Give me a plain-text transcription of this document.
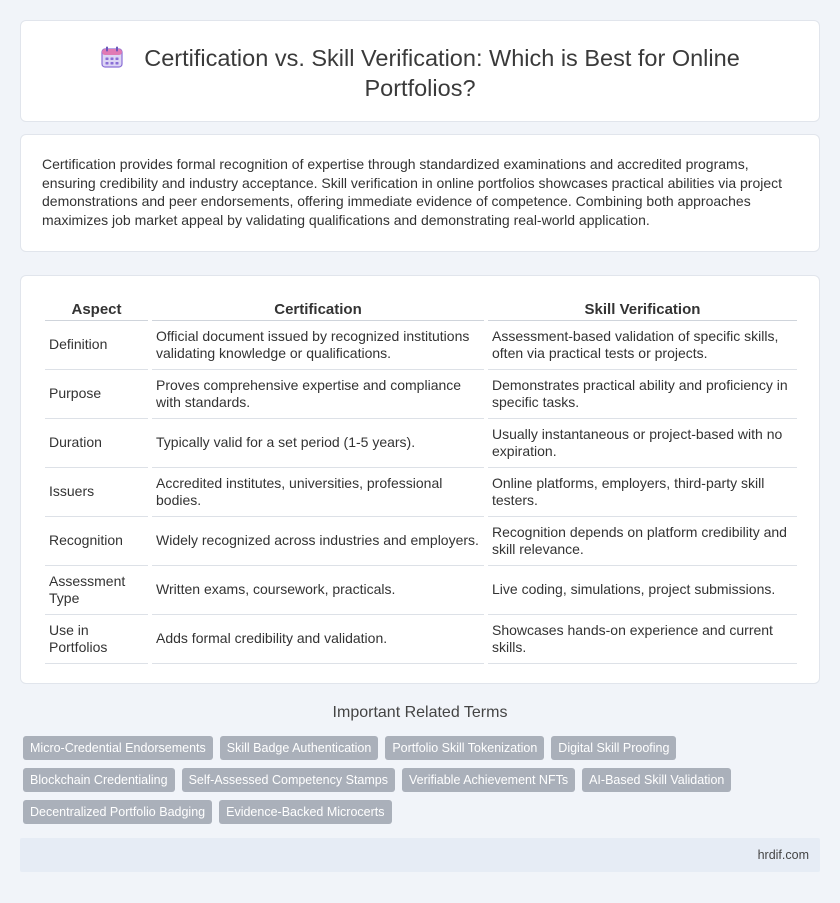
Certification vs. Skill Verification: Which is Best for Online Portfolios?

Certification provides formal recognition of expertise through standardized examinations and accredited programs, ensuring credibility and industry acceptance. Skill verification in online portfolios showcases practical abilities via project demonstrations and peer endorsements, offering immediate evidence of competence. Combining both approaches maximizes job market appeal by validating qualifications and demonstrating real-world application.

Aspect	Certification	Skill Verification
Definition	Official document issued by recognized institutions validating knowledge or qualifications.	Assessment-based validation of specific skills, often via practical tests or projects.
Purpose	Proves comprehensive expertise and compliance with standards.	Demonstrates practical ability and proficiency in specific tasks.
Duration	Typically valid for a set period (1-5 years).	Usually instantaneous or project-based with no expiration.
Issuers	Accredited institutes, universities, professional bodies.	Online platforms, employers, third-party skill testers.
Recognition	Widely recognized across industries and employers.	Recognition depends on platform credibility and skill relevance.
Assessment Type	Written exams, coursework, practicals.	Live coding, simulations, project submissions.
Use in Portfolios	Adds formal credibility and validation.	Showcases hands-on experience and current skills.
Important Related Terms
Micro-Credential Endorsements	Skill Badge Authentication	Portfolio Skill Tokenization	Digital Skill Proofing
Blockchain Credentialing	Self-Assessed Competency Stamps	Verifiable Achievement NFTs	AI-Based Skill Validation
Decentralized Portfolio Badging	Evidence-Backed Microcerts
hrdif.com
